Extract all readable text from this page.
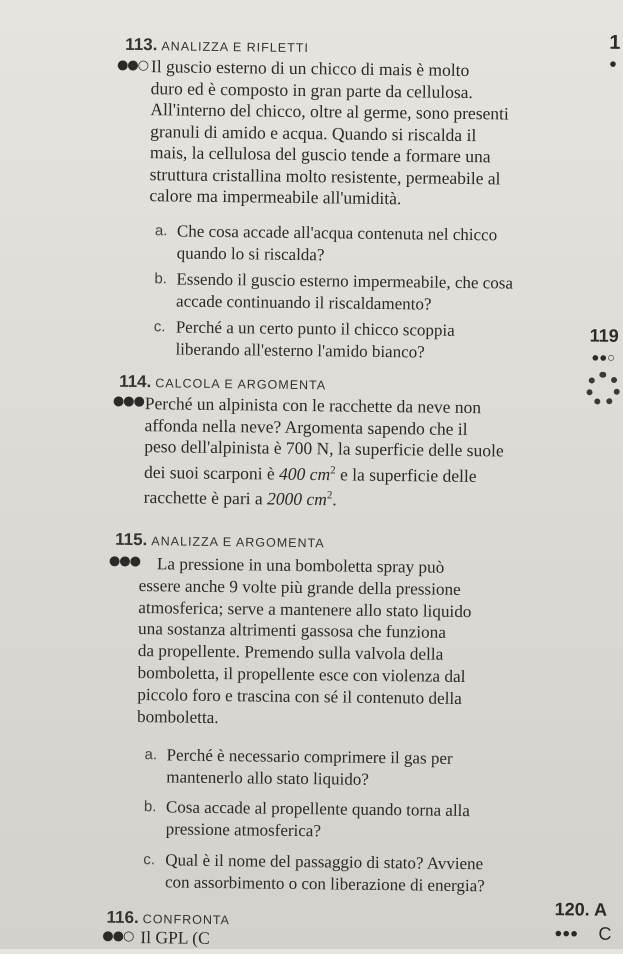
113. ANALIZZA E RIFLETTI
●●○ Il guscio esterno di un chicco di mais è molto
duro ed è composto in gran parte da cellulosa.
All'interno del chicco, oltre al germe, sono presenti
granuli di amido e acqua. Quando si riscalda il
mais, la cellulosa del guscio tende a formare una
struttura cristallina molto resistente, permeabile al
calore ma impermeabile all'umidità.
a. Che cosa accade all'acqua contenuta nel chicco
quando lo si riscalda?
b. Essendo il guscio esterno impermeabile, che cosa
accade continuando il riscaldamento?
c. Perché a un certo punto il chicco scoppia
liberando all'esterno l'amido bianco?
114. CALCOLA E ARGOMENTA
●●● Perché un alpinista con le racchette da neve non
affonda nella neve? Argomenta sapendo che il
peso dell'alpinista è 700 N, la superficie delle suole
dei suoi scarponi è 400 $cm^2$ e la superficie delle
racchette è pari a 2000 $cm^2$.
115. ANALIZZA E ARGOMENTA
●●● La pressione in una bomboletta spray può
essere anche 9 volte più grande della pressione
atmosferica; serve a mantenere allo stato liquido
una sostanza altrimenti gassosa che funziona
da propellente. Premendo sulla valvola della
bomboletta, il propellente esce con violenza dal
piccolo foro e trascina con sé il contenuto della
bomboletta.
a. Perché è necessario comprimere il gas per
mantenerlo allo stato liquido?
b. Cosa accade al propellente quando torna alla
pressione atmosferica?
c. Qual è il nome del passaggio di stato? Avviene
con assorbimento o con liberazione di energia?
116. CONFRONTA
●●○ Il GPL (C
1
●
119
●●○
120. A
●●● C
